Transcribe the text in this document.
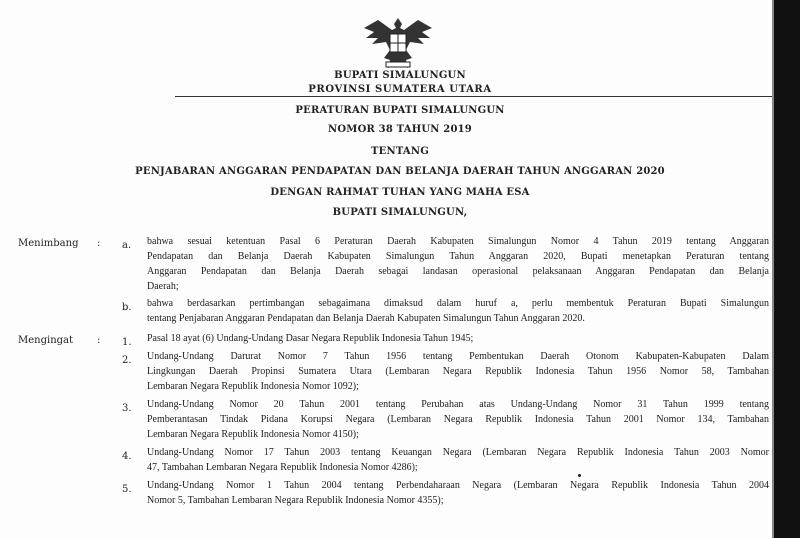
BUPATI SIMALUNGUN
PROVINSI SUMATERA UTARA
PERATURAN BUPATI SIMALUNGUN
NOMOR 38 TAHUN 2019
TENTANG
PENJABARAN ANGGARAN PENDAPATAN DAN BELANJA DAERAH TAHUN ANGGARAN 2020
DENGAN RAHMAT TUHAN YANG MAHA ESA
BUPATI SIMALUNGUN,
Menimbang : a. bahwa sesuai ketentuan Pasal 6 Peraturan Daerah Kabupaten Simalungun Nomor 4 Tahun 2019 tentang Anggaran
Pendapatan dan Belanja Daerah Kabupaten Simalungun Tahun Anggaran 2020, Bupati menetapkan Peraturan tentang
Anggaran Pendapatan dan Belanja Daerah sebagai landasan operasional pelaksanaan Anggaran Pendapatan dan Belanja
Daerah;
b. bahwa berdasarkan pertimbangan sebagaimana dimaksud dalam huruf a, perlu membentuk Peraturan Bupati Simalungun
tentang Penjabaran Anggaran Pendapatan dan Belanja Daerah Kabupaten Simalungun Tahun Anggaran 2020.
Mengingat : 1. Pasal 18 ayat (6) Undang-Undang Dasar Negara Republik Indonesia Tahun 1945;
2. Undang-Undang Darurat Nomor 7 Tahun 1956 tentang Pembentukan Daerah Otonom Kabupaten-Kabupaten Dalam
Lingkungan Daerah Propinsi Sumatera Utara (Lembaran Negara Republik Indonesia Tahun 1956 Nomor 58, Tambahan
Lembaran Negara Republik Indonesia Nomor 1092);
3. Undang-Undang Nomor 20 Tahun 2001 tentang Perubahan atas Undang-Undang Nomor 31 Tahun 1999 tentang
Pemberantasan Tindak Pidana Korupsi Negara (Lembaran Negara Republik Indonesia Tahun 2001 Nomor 134, Tambahan
Lembaran Negara Republik Indonesia Nomor 4150);
4. Undang-Undang Nomor 17 Tahun 2003 tentang Keuangan Negara (Lembaran Negara Republik Indonesia Tahun 2003 Nomor
47, Tambahan Lembaran Negara Republik Indonesia Nomor 4286);
5. Undang-Undang Nomor 1 Tahun 2004 tentang Perbendaharaan Negara (Lembaran Negara Republik Indonesia Tahun 2004
Nomor 5, Tambahan Lembaran Negara Republik Indonesia Nomor 4355);
